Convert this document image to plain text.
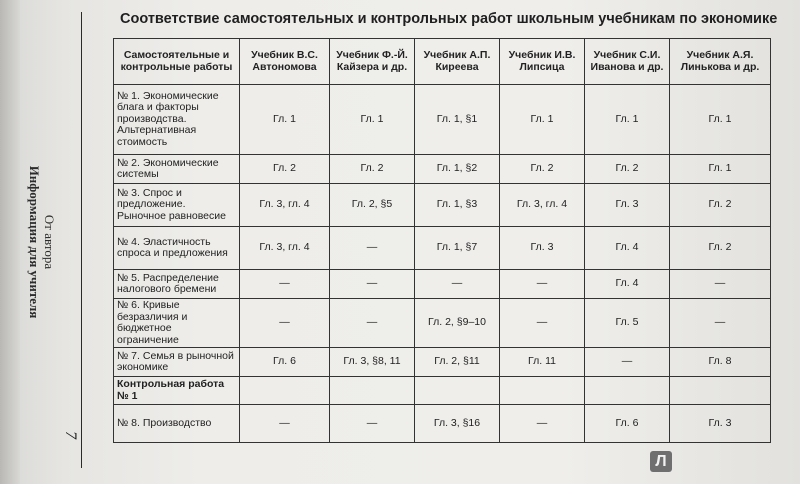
От автора
Информация для учителя
7
Соответствие самостоятельных и контрольных работ школьным учебникам по экономике
Самостоятельные и контрольные работы	Учебник В.С. Автономова	Учебник Ф.-Й. Кайзера и др.	Учебник А.П. Киреева	Учебник И.В. Липсица	Учебник С.И. Иванова и др.	Учебник А.Я. Линькова и др.
№ 1. Экономические блага и факторы производства. Альтернативная стоимость	Гл. 1	Гл. 1	Гл. 1, §1	Гл. 1	Гл. 1	Гл. 1
№ 2. Экономические системы	Гл. 2	Гл. 2	Гл. 1, §2	Гл. 2	Гл. 2	Гл. 1
№ 3. Спрос и предложение. Рыночное равновесие	Гл. 3, гл. 4	Гл. 2, §5	Гл. 1, §3	Гл. 3, гл. 4	Гл. 3	Гл. 2
№ 4. Эластичность спроса и предложения	Гл. 3, гл. 4	—	Гл. 1, §7	Гл. 3	Гл. 4	Гл. 2
№ 5. Распределение налогового бремени	—	—	—	—	Гл. 4	—
№ 6. Кривые безразличия и бюджетное ограничение	—	—	Гл. 2, §9–10	—	Гл. 5	—
№ 7. Семья в рыночной экономике	Гл. 6	Гл. 3, §8, 11	Гл. 2, §11	Гл. 11	—	Гл. 8
Контрольная работа № 1						
№ 8. Производство	—	—	Гл. 3, §16	—	Гл. 6	Гл. 3
Л
